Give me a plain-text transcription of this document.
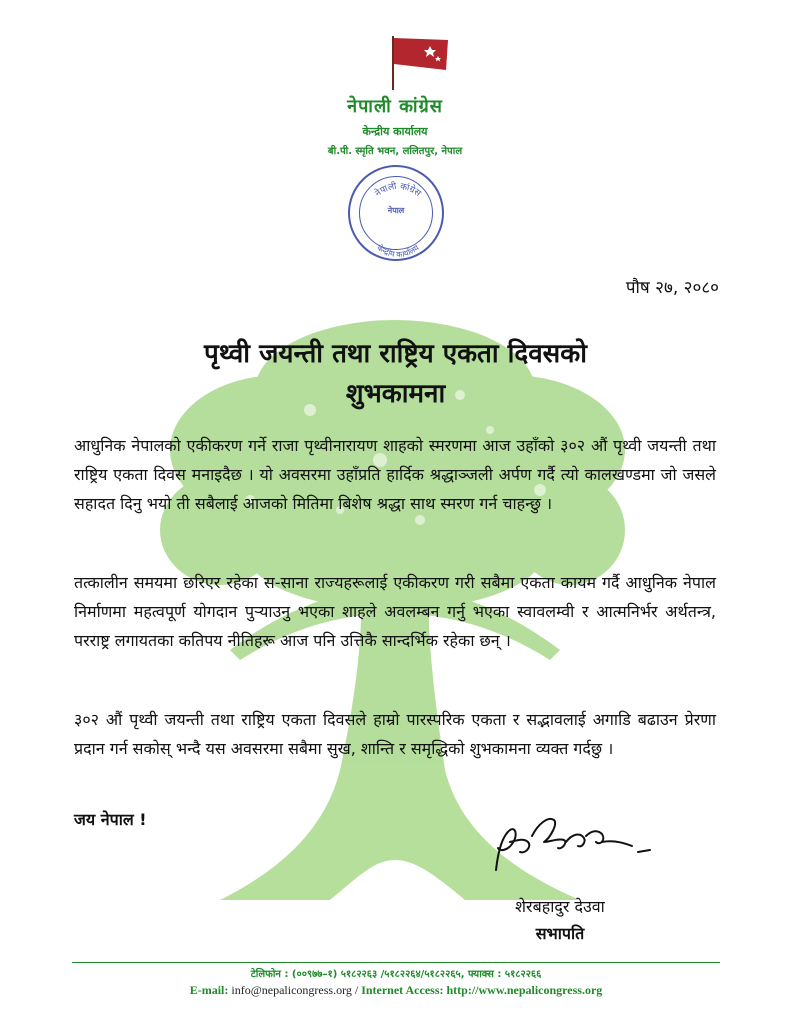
नेपाली कांग्रेस
केन्द्रीय कार्यालय
बी.पी. स्मृति भवन, ललितपुर, नेपाल
नेपाली कांग्रेस
केन्द्रीय कार्यालय
नेपाल
पौष २७, २०८०
पृथ्वी जयन्ती तथा राष्ट्रिय एकता दिवसको
शुभकामना
आधुनिक नेपालको एकीकरण गर्ने राजा पृथ्वीनारायण शाहको स्मरणमा आज उहाँको ३०२ औं पृथ्वी जयन्ती तथा राष्ट्रिय एकता दिवस मनाइदैछ । यो अवसरमा उहाँप्रति हार्दिक श्रद्धाञ्जली अर्पण गर्दै त्यो कालखण्डमा जो जसले सहादत दिनु भयो ती सबैलाई आजको मितिमा बिशेष श्रद्धा साथ स्मरण गर्न चाहन्छु ।
तत्कालीन समयमा छरिएर रहेका स-साना राज्यहरूलाई एकीकरण गरी सबैमा एकता कायम गर्दै आधुनिक नेपाल निर्माणमा महत्वपूर्ण योगदान पुऱ्याउनु भएका शाहले अवलम्बन गर्नु भएका स्वावलम्वी र आत्मनिर्भर अर्थतन्त्र, परराष्ट्र लगायतका कतिपय नीतिहरू आज पनि उत्तिकै सान्दर्भिक रहेका छन् ।
३०२ औं पृथ्वी जयन्ती तथा राष्ट्रिय एकता दिवसले हाम्रो पारस्परिक एकता र सद्भावलाई अगाडि बढाउन प्रेरणा प्रदान गर्न सकोस् भन्दै यस अवसरमा सबैमा सुख, शान्ति र समृद्धिको शुभकामना व्यक्त गर्दछु ।
जय नेपाल !
शेरबहादुर देउवा
सभापति
टेलिफोन : (००९७७–१) ५१८२२६३ /५१८२२६४/५१८२२६५, फ्याक्स : ५१८२२६६
E-mail: info@nepalicongress.org / Internet Access: http://www.nepalicongress.org
